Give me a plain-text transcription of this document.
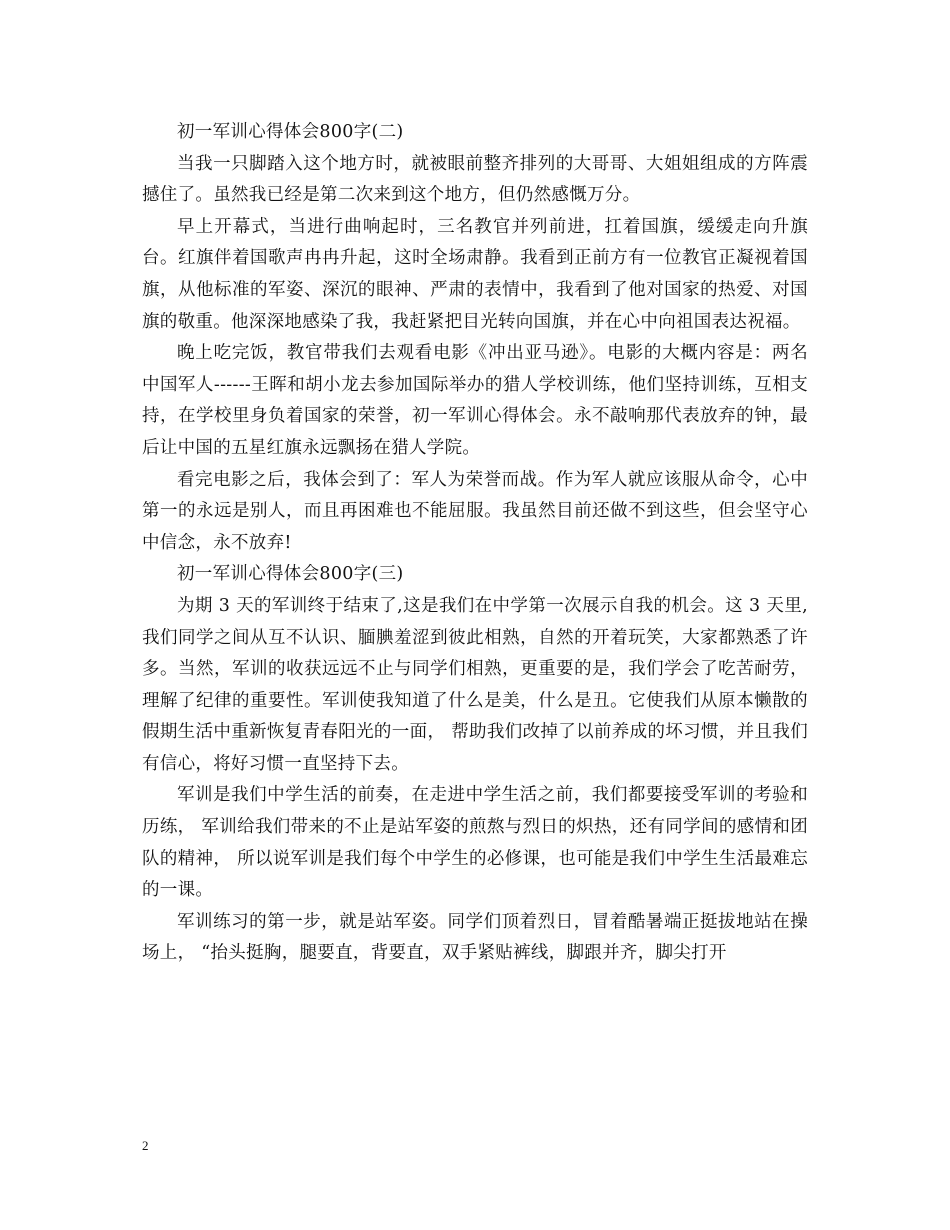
初一军训心得体会800字(二)

当我一只脚踏入这个地方时，就被眼前整齐排列的大哥哥、大姐姐组成的方阵震撼住了。虽然我已经是第二次来到这个地方，但仍然感慨万分。

早上开幕式，当进行曲响起时，三名教官并列前进，扛着国旗，缓缓走向升旗台。红旗伴着国歌声冉冉升起，这时全场肃静。我看到正前方有一位教官正凝视着国旗，从他标准的军姿、深沉的眼神、严肃的表情中，我看到了他对国家的热爱、对国旗的敬重。他深深地感染了我，我赶紧把目光转向国旗，并在心中向祖国表达祝福。

晚上吃完饭，教官带我们去观看电影《冲出亚马逊》。电影的大概内容是：两名中国军人------王晖和胡小龙去参加国际举办的猎人学校训练，他们坚持训练，互相支持，在学校里身负着国家的荣誉，初一军训心得体会。永不敲响那代表放弃的钟，最后让中国的五星红旗永远飘扬在猎人学院。

看完电影之后，我体会到了：军人为荣誉而战。作为军人就应该服从命令，心中第一的永远是别人，而且再困难也不能屈服。我虽然目前还做不到这些，但会坚守心中信念，永不放弃!

初一军训心得体会800字(三)

为期 3 天的军训终于结束了,这是我们在中学第一次展示自我的机会。这 3 天里,我们同学之间从互不认识、腼腆羞涩到彼此相熟，自然的开着玩笑，大家都熟悉了许多。当然，军训的收获远远不止与同学们相熟，更重要的是，我们学会了吃苦耐劳，理解了纪律的重要性。军训使我知道了什么是美，什么是丑。它使我们从原本懒散的假期生活中重新恢复青春阳光的一面， 帮助我们改掉了以前养成的坏习惯，并且我们有信心，将好习惯一直坚持下去。

军训是我们中学生活的前奏，在走进中学生活之前，我们都要接受军训的考验和历练， 军训给我们带来的不止是站军姿的煎熬与烈日的炽热，还有同学间的感情和团队的精神， 所以说军训是我们每个中学生的必修课，也可能是我们中学生生活最难忘的一课。

军训练习的第一步，就是站军姿。同学们顶着烈日，冒着酷暑端正挺拔地站在操场上， “抬头挺胸，腿要直，背要直，双手紧贴裤线，脚跟并齐，脚尖打开

2
